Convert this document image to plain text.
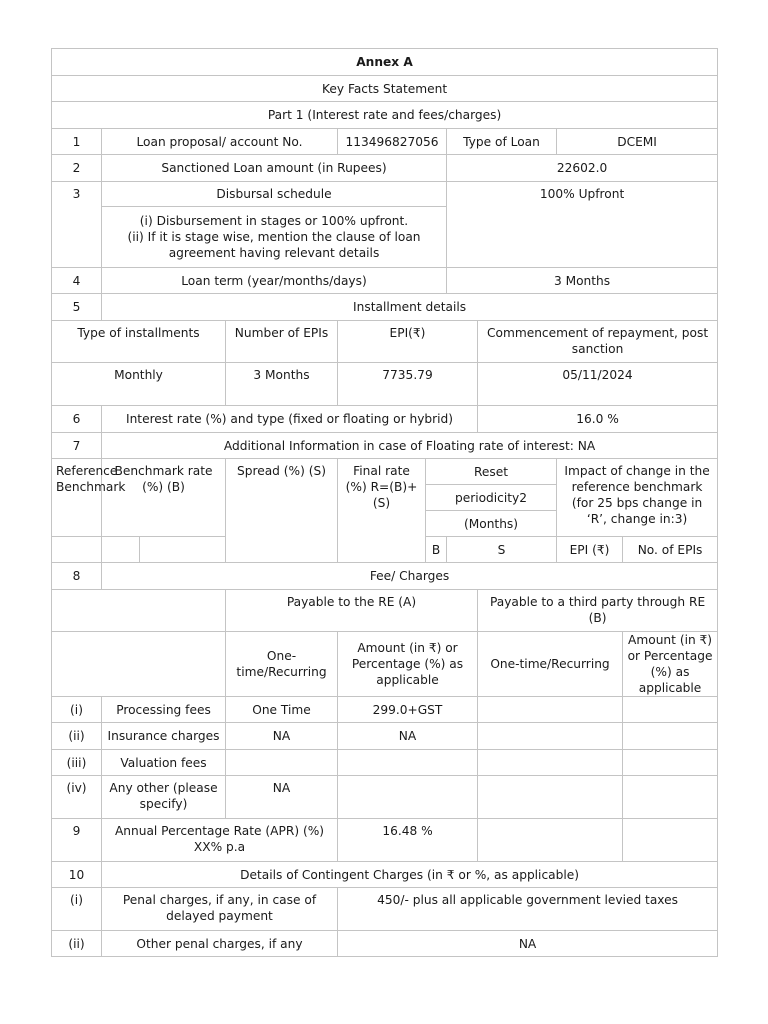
Annex A									
Key Facts Statement									
Part 1 (Interest rate and fees/charges)									
1	Loan proposal/ account No.			113496827056		Type of Loan		DCEMI	
2	Sanctioned Loan amount (in Rupees)					22602.0			
3	Disbursal schedule					100% Upfront			
	(i) Disbursement in stages or 100% upfront.
(ii) If it is stage wise, mention the clause of loan agreement having relevant details								
4	Loan term (year/months/days)					3 Months			
5	Installment details								
Type of installments			Number of EPIs	EPI(₹)			Commencement of repayment, post sanction		
Monthly			3 Months	7735.79			05/11/2024		
6	Interest rate (%) and type (fixed or floating or hybrid)						16.0 %		
7	Additional Information in case of Floating rate of interest: NA								
Reference Benchmark	Benchmark rate (%) (B)		Spread (%) (S)	Final rate (%) R=(B)+(S)	Reset			Impact of change in the reference benchmark (for 25 bps change in ‘R’, change in:3)	
					periodicity2				
					(Months)				
					B	S		EPI (₹)	No. of EPIs
8	Fee/ Charges								
			Payable to the RE (A)				Payable to a third party through RE (B)		
			One-time/Recurring	Amount (in ₹) or Percentage (%) as applicable			One-time/Recurring		Amount (in ₹) or Percentage (%) as applicable
(i)	Processing fees		One Time	299.0+GST					
(ii)	Insurance charges		NA	NA					
(iii)	Valuation fees								
(iv)	Any other (please specify)		NA						
9	Annual Percentage Rate (APR) (%) XX% p.a			16.48 %					
10	Details of Contingent Charges (in ₹ or %, as applicable)								
(i)	Penal charges, if any, in case of delayed payment			450/- plus all applicable government levied taxes					
(ii)	Other penal charges, if any			NA					
